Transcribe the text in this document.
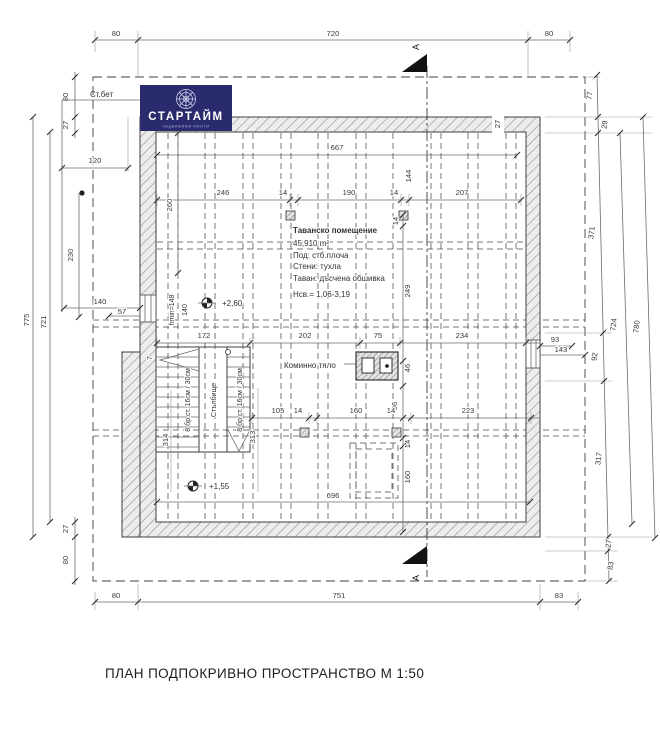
А
А
80	720	80
80	751	83
775 721
80
27
27
80
Ст.бет
120
230
140
57
77
29
371
92
317
27
83
724 780
667
246	14	190	14	207
144
260
27
172	202	75	234	93
143
14
249
46
96
14
160
105 14	160	14	223
696
Таванско помещение
45,910 m²
Под: стб.плоча
Стени: тухла
Таван: дъсчена обшивка
Нсв.= 1,06-3,19
+2,60
+1,55
hmin=148 140
Коминно тяло
7
8 бр.ст. 16см / 30см	Стълбище	8 бр.ст. 16см / 30см
314	313
СТАРТАЙМ
НЕДВИЖИМИ ИМОТИ
ПЛАН ПОДПОКРИВНО ПРОСТРАНСТВО М 1:50
